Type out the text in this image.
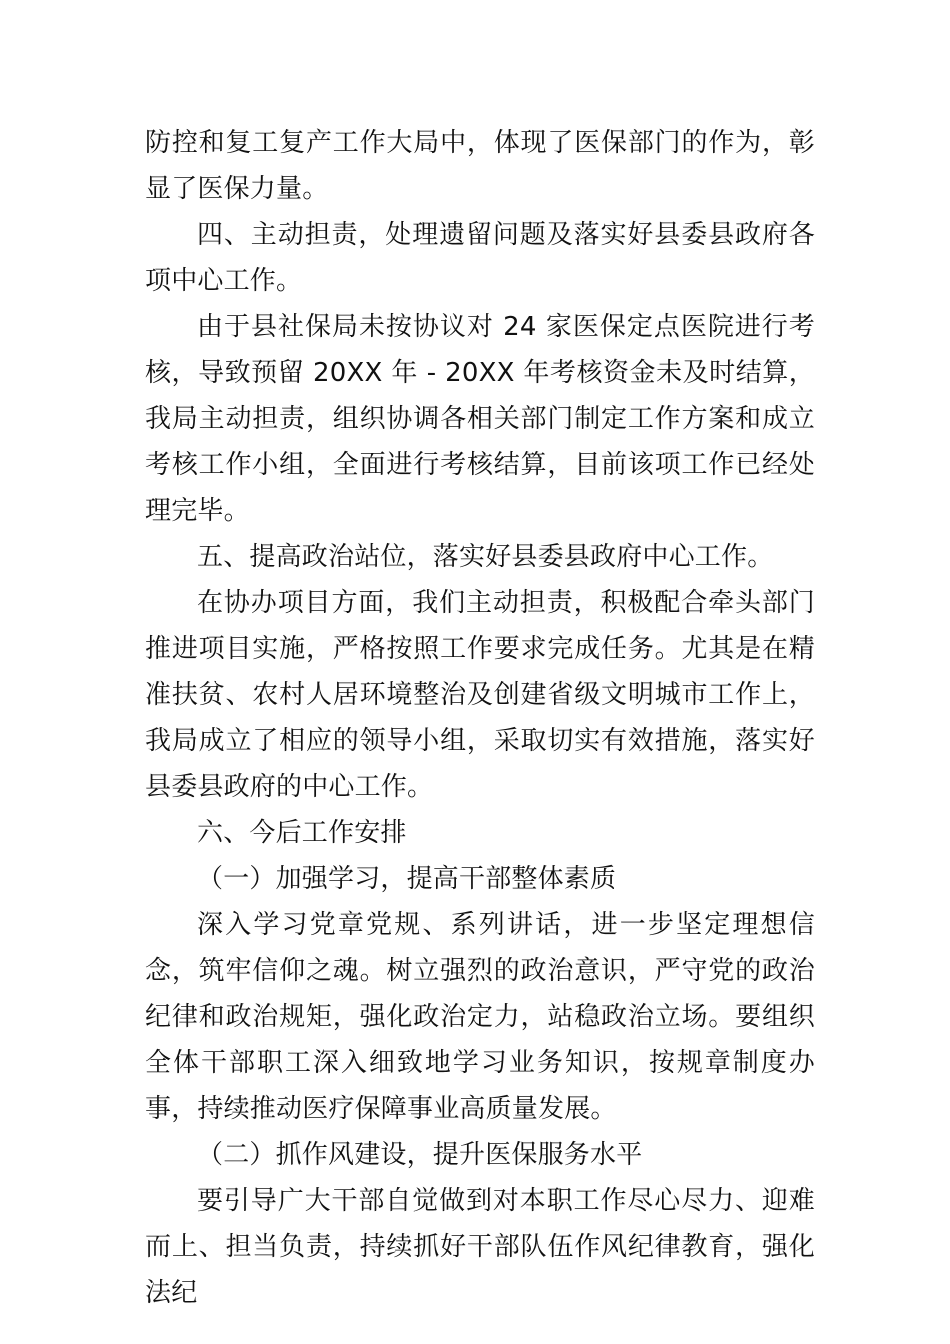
防控和复工复产工作大局中，体现了医保部门的作为，彰显了医保力量。

四、主动担责，处理遗留问题及落实好县委县政府各项中心工作。

由于县社保局未按协议对 24 家医保定点医院进行考核，导致预留 20XX 年 - 20XX 年考核资金未及时结算，我局主动担责，组织协调各相关部门制定工作方案和成立考核工作小组，全面进行考核结算，目前该项工作已经处理完毕。

五、提高政治站位，落实好县委县政府中心工作。

在协办项目方面，我们主动担责，积极配合牵头部门推进项目实施，严格按照工作要求完成任务。尤其是在精准扶贫、农村人居环境整治及创建省级文明城市工作上，我局成立了相应的领导小组，采取切实有效措施，落实好县委县政府的中心工作。

六、今后工作安排

（一）加强学习，提高干部整体素质

深入学习党章党规、系列讲话，进一步坚定理想信念，筑牢信仰之魂。树立强烈的政治意识，严守党的政治纪律和政治规矩，强化政治定力，站稳政治立场。要组织全体干部职工深入细致地学习业务知识，按规章制度办事，持续推动医疗保障事业高质量发展。

（二）抓作风建设，提升医保服务水平

要引导广大干部自觉做到对本职工作尽心尽力、迎难而上、担当负责，持续抓好干部队伍作风纪律教育，强化法纪
